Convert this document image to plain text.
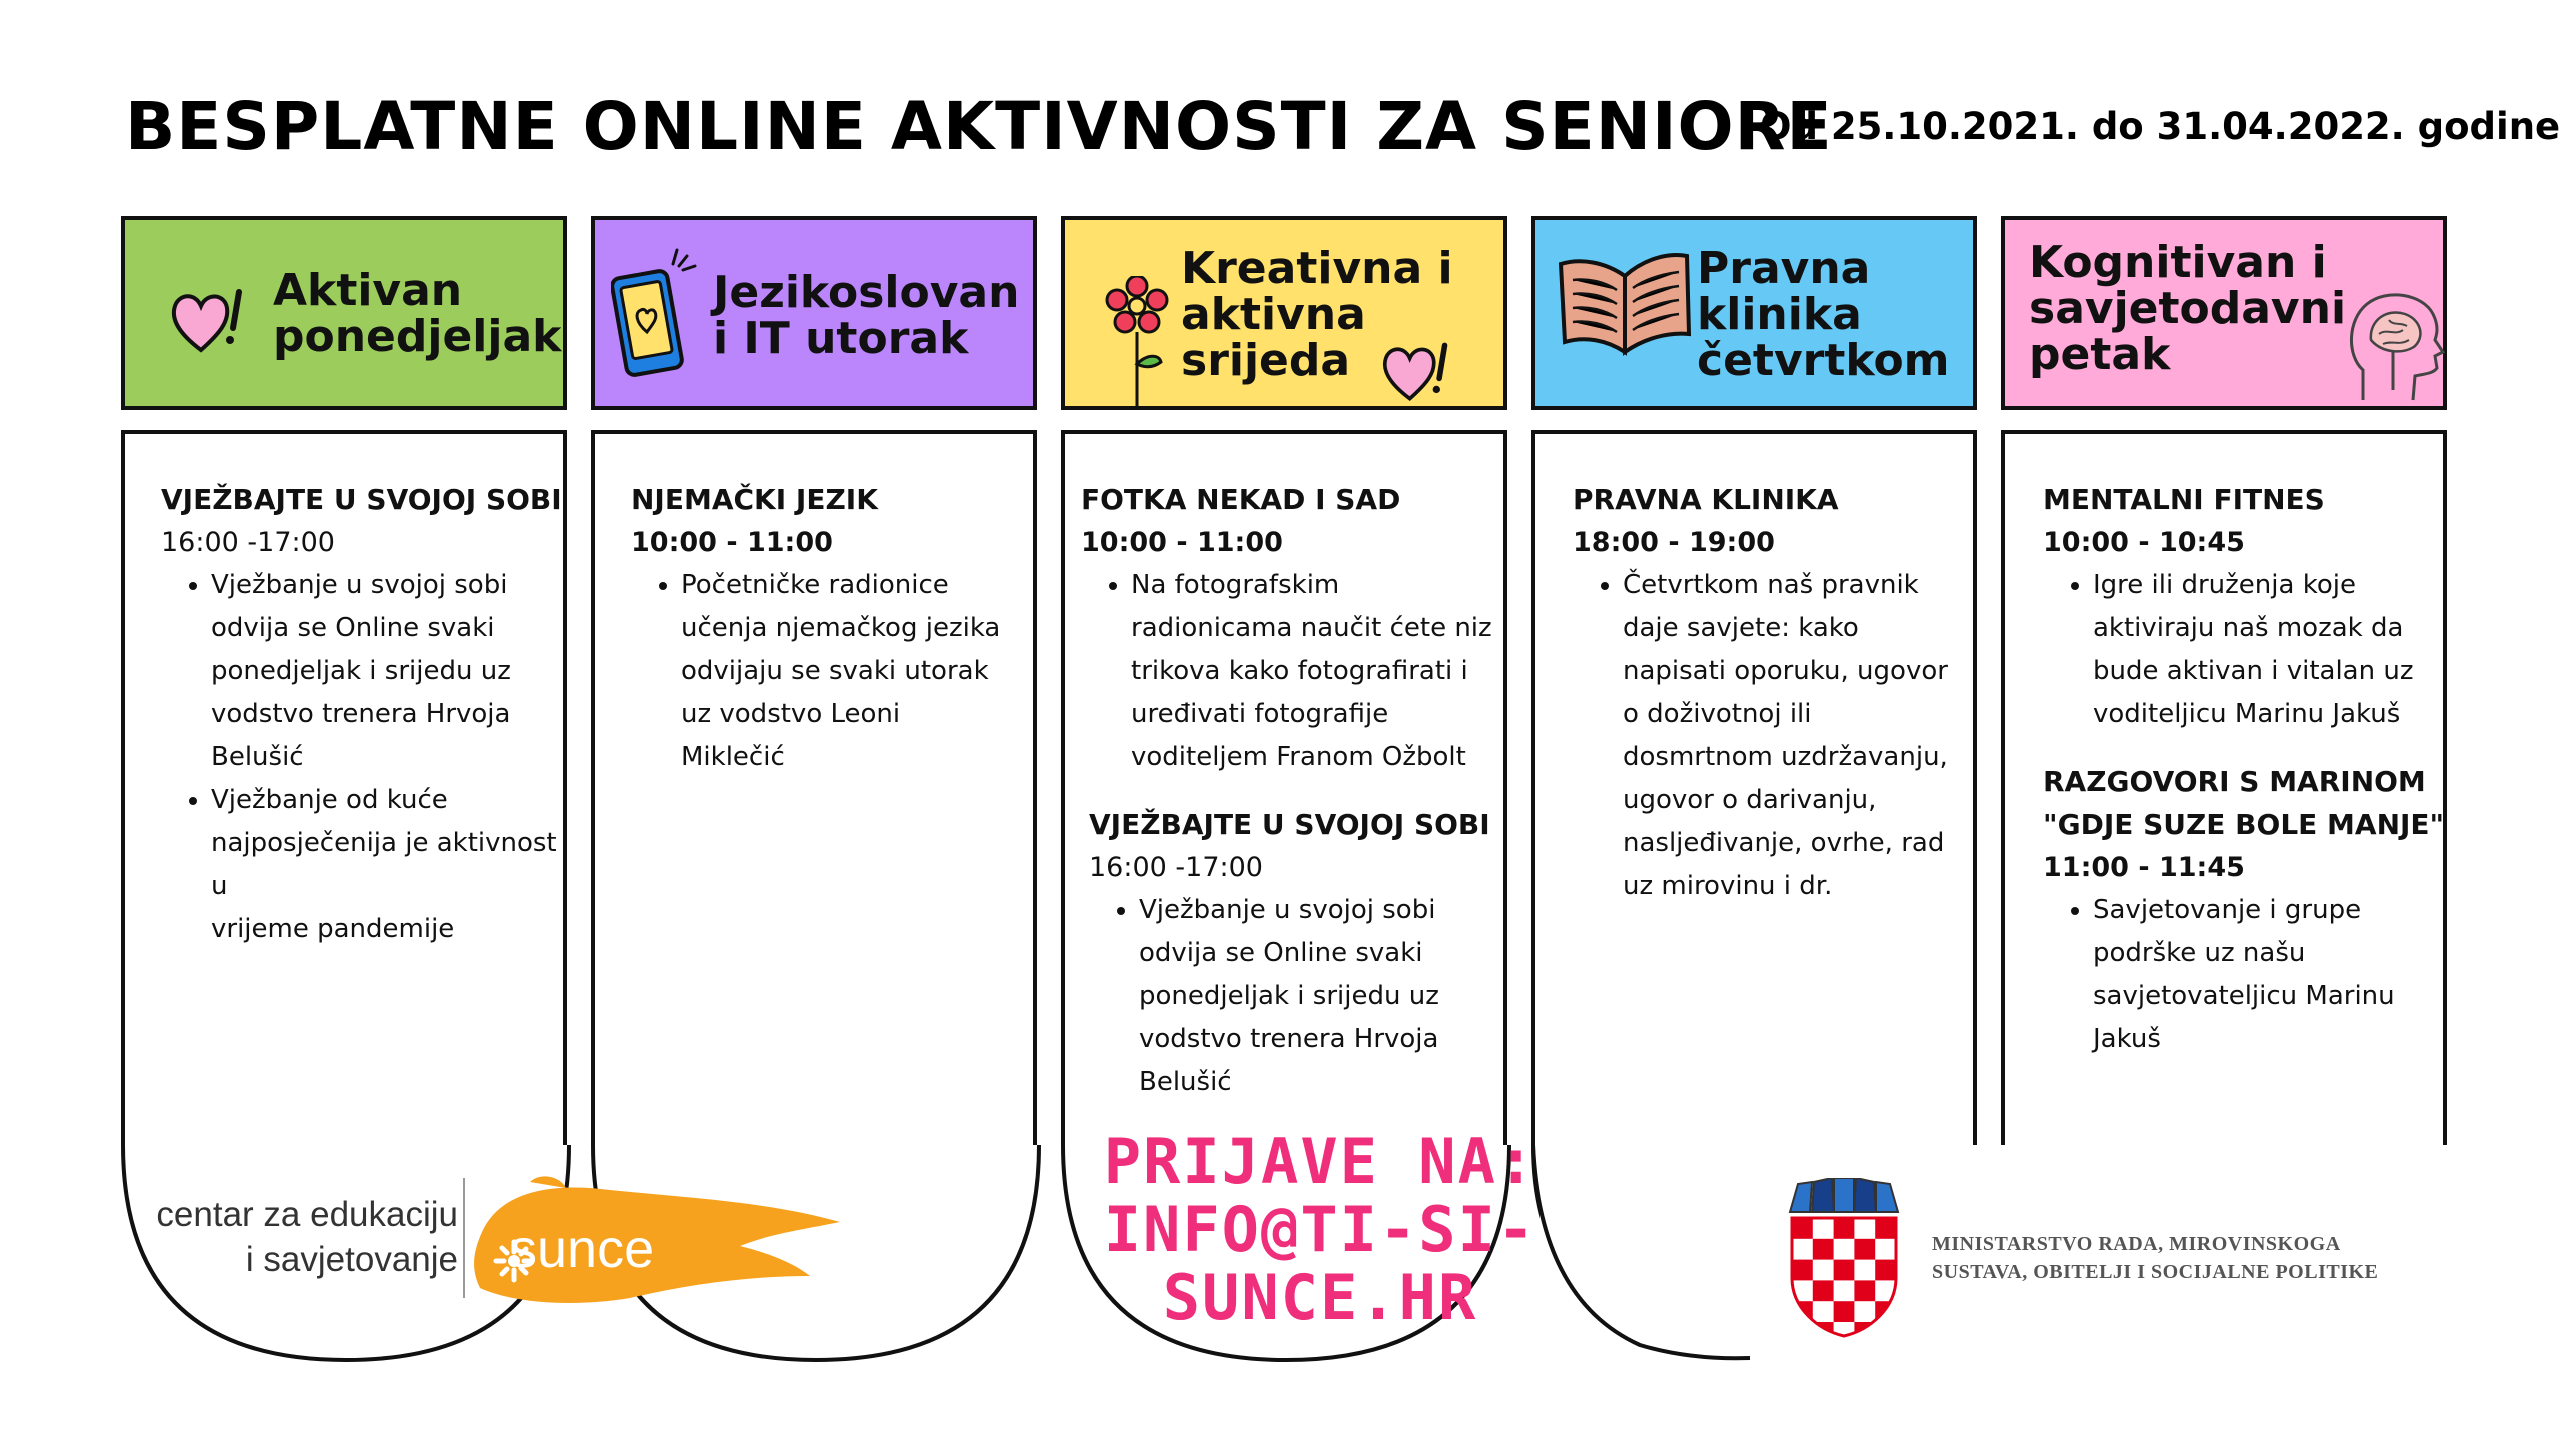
BESPLATNE ONLINE AKTIVNOSTI ZA SENIORE
Od 25.10.2021. do 31.04.2022. godine
Aktivan
ponedjeljak
Jezikoslovan
i IT utorak
Kreativna i
aktivna
srijeda
Pravna
klinika
četvrtkom
Kognitivan i
savjetodavni
petak
VJEŽBAJTE U SVOJOJ SOBI
16:00 -17:00
• Vježbanje u svojoj sobi
odvija se Online svaki
ponedjeljak i srijedu uz
vodstvo trenera Hrvoja
Belušić
• Vježbanje od kuće
najposječenija je aktivnost u
vrijeme pandemije
NJEMAČKI JEZIK
10:00 - 11:00
• Početničke radionice
učenja njemačkog jezika
odvijaju se svaki utorak
uz vodstvo Leoni
Miklečić
FOTKA NEKAD I SAD
10:00 - 11:00
• Na fotografskim
radionicama naučit ćete niz
trikova kako fotografirati i
uređivati fotografije
voditeljem Franom Ožbolt
VJEŽBAJTE U SVOJOJ SOBI
16:00 -17:00
• Vježbanje u svojoj sobi
odvija se Online svaki
ponedjeljak i srijedu uz
vodstvo trenera Hrvoja
Belušić
PRAVNA KLINIKA
18:00 - 19:00
• Četvrtkom naš pravnik
daje savjete: kako
napisati oporuku, ugovor
o doživotnoj ili
dosmrtnom uzdržavanju,
ugovor o darivanju,
nasljeđivanje, ovrhe, rad
uz mirovinu i dr.
MENTALNI FITNES
10:00 - 10:45
• Igre ili druženja koje
aktiviraju naš mozak da
bude aktivan i vitalan uz
voditeljicu Marinu Jakuš
RAZGOVORI S MARINOM
"GDJE SUZE BOLE MANJE"
11:00 - 11:45
• Savjetovanje i grupe
podrške uz našu
savjetovateljicu Marinu
Jakuš
centar za edukaciju
i savjetovanje sunce
PRIJAVE NA:
INFO@TI-SI-SUNCE.HR
MINISTARSTVO RADA, MIROVINSKOGA
SUSTAVA, OBITELJI I SOCIJALNE POLITIKE
